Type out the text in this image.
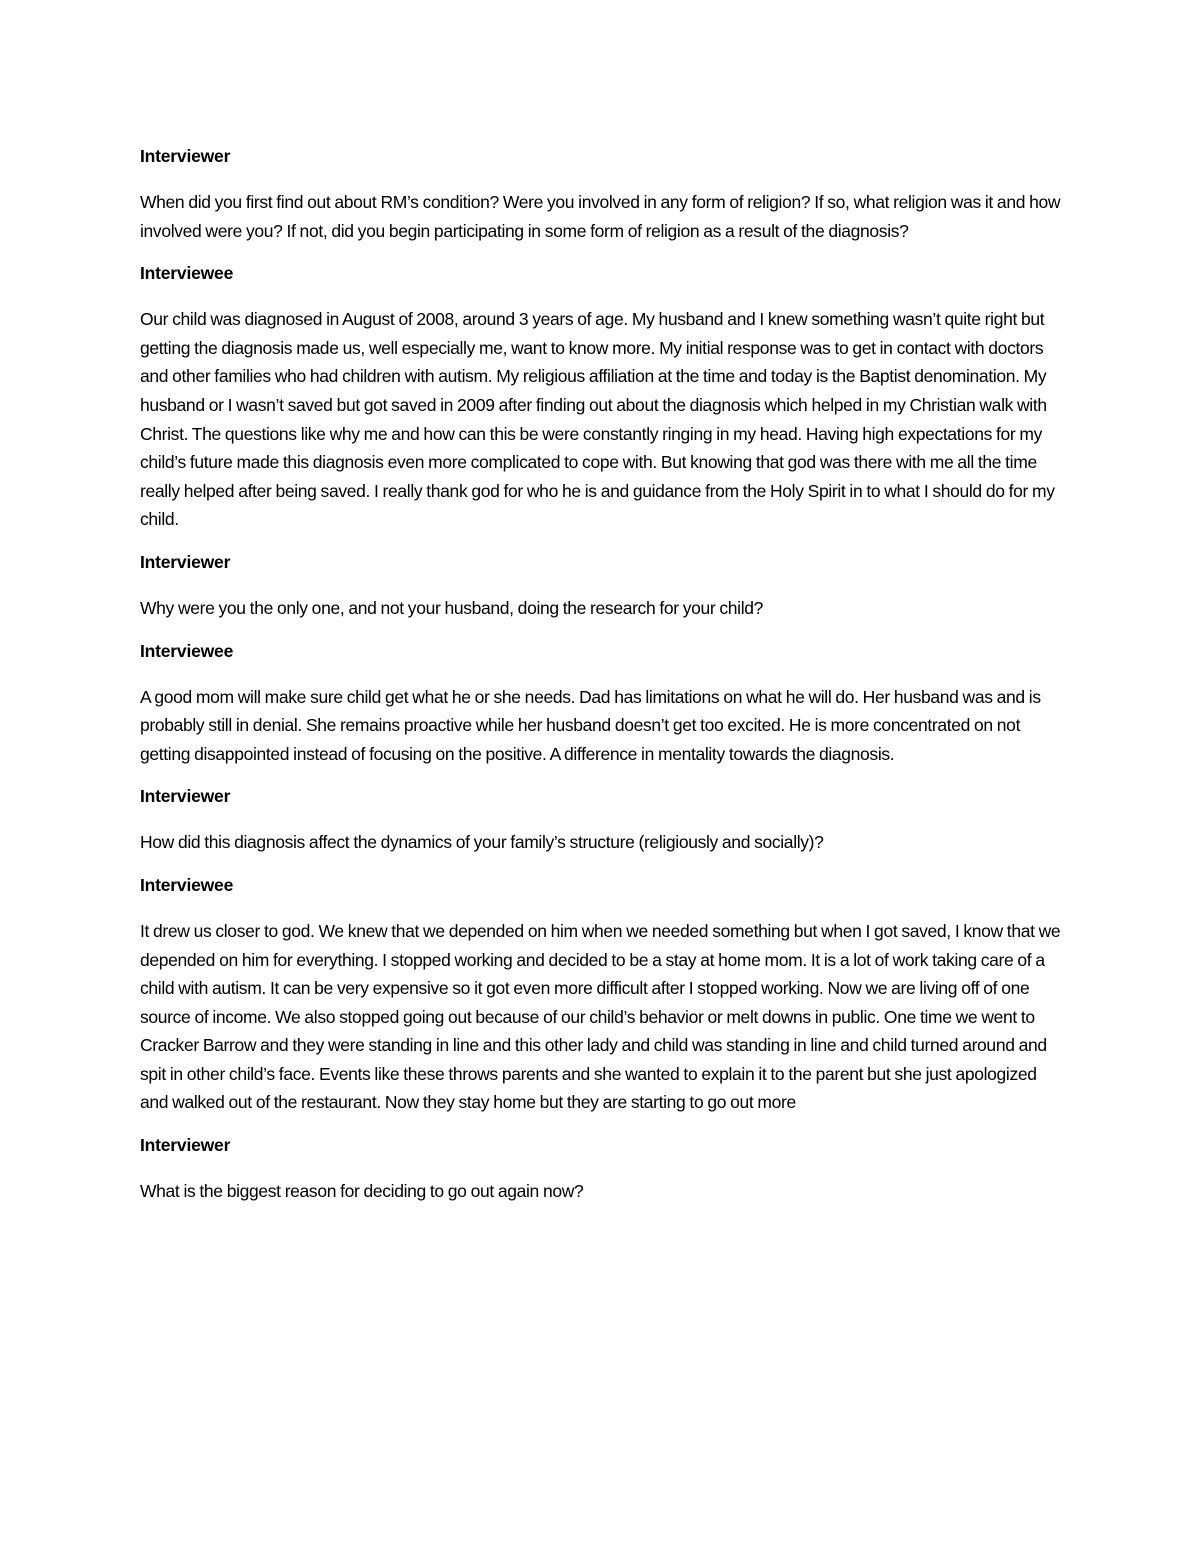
Interviewer

When did you first find out about RM’s condition? Were you involved in any form of religion? If so, what religion was it and how involved were you? If not, did you begin participating in some form of religion as a result of the diagnosis?

Interviewee

Our child was diagnosed in August of 2008, around 3 years of age. My husband and I knew something wasn’t quite right but getting the diagnosis made us, well especially me, want to know more. My initial response was to get in contact with doctors and other families who had children with autism. My religious affiliation at the time and today is the Baptist denomination. My husband or I wasn’t saved but got saved in 2009 after finding out about the diagnosis which helped in my Christian walk with Christ. The questions like why me and how can this be were constantly ringing in my head. Having high expectations for my child’s future made this diagnosis even more complicated to cope with. But knowing that god was there with me all the time really helped after being saved. I really thank god for who he is and guidance from the Holy Spirit in to what I should do for my child.

Interviewer

Why were you the only one, and not your husband, doing the research for your child?

Interviewee

A good mom will make sure child get what he or she needs. Dad has limitations on what he will do. Her husband was and is probably still in denial. She remains proactive while her husband doesn’t get too excited. He is more concentrated on not getting disappointed instead of focusing on the positive. A difference in mentality towards the diagnosis.

Interviewer

How did this diagnosis affect the dynamics of your family’s structure (religiously and socially)?

Interviewee

It drew us closer to god. We knew that we depended on him when we needed something but when I got saved, I know that we depended on him for everything. I stopped working and decided to be a stay at home mom. It is a lot of work taking care of a child with autism. It can be very expensive so it got even more difficult after I stopped working. Now we are living off of one source of income. We also stopped going out because of our child’s behavior or melt downs in public. One time we went to Cracker Barrow and they were standing in line and this other lady and child was standing in line and child turned around and spit in other child’s face. Events like these throws parents and she wanted to explain it to the parent but she just apologized and walked out of the restaurant. Now they stay home but they are starting to go out more

Interviewer

What is the biggest reason for deciding to go out again now?
